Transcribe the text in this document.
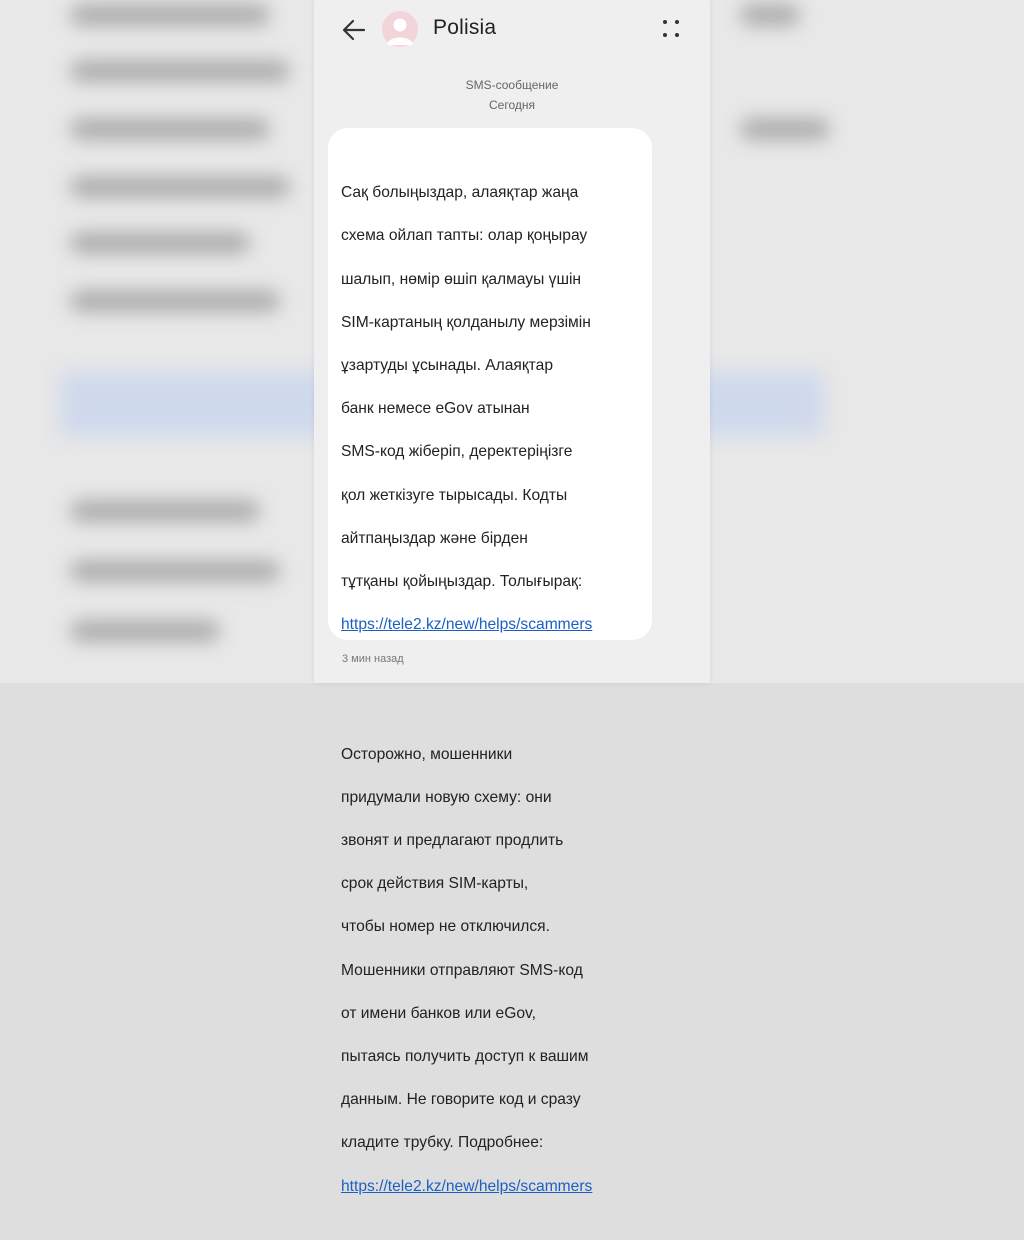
Polisia
SMS-сообщение
Сегодня

Сақ болыңыздар, алаяқтар жаңа

схема ойлап тапты: олар қоңырау

шалып, нөмір өшіп қалмауы үшін

SIM-картаның қолданылу мерзімін

ұзартуды ұсынады. Алаяқтар

банк немесе eGov атынан

SMS-код жіберіп, деректеріңізге

қол жеткізуге тырысады. Кодты

айтпаңыздар және бірден

тұтқаны қойыңыздар. Толығырақ:

https://tele2.kz/new/helps/scammers

Осторожно, мошенники

придумали новую схему: они

звонят и предлагают продлить

срок действия SIM-карты,

чтобы номер не отключился.

Мошенники отправляют SMS-код

от имени банков или eGov,

пытаясь получить доступ к вашим

данным. Не говорите код и сразу

кладите трубку. Подробнее:

https://tele2.kz/new/helps/scammers

3 мин назад
